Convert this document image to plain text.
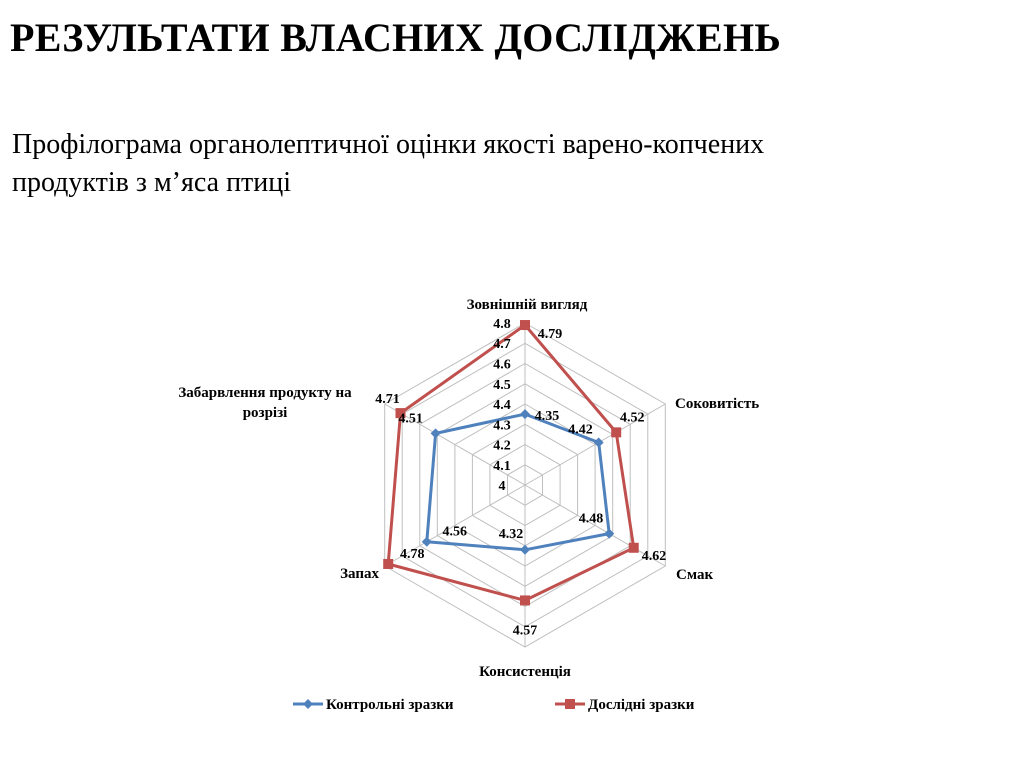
РЕЗУЛЬТАТИ ВЛАСНИХ ДОСЛІДЖЕНЬ

Профілограма органолептичної оцінки якості варено-копчених
продуктів з м’яса птиці

Зовнішній вигляд
Соковитість
Смак
Консистенція
Запах
Забарвлення продукту на розрізі
4
4.1
4.2
4.3
4.4
4.5
4.6
4.7
4.8
4.35
4.42
4.48
4.32
4.56
4.51
4.79
4.52
4.62
4.57
4.78
4.71
Контрольні зразки	Дослідні зразки
